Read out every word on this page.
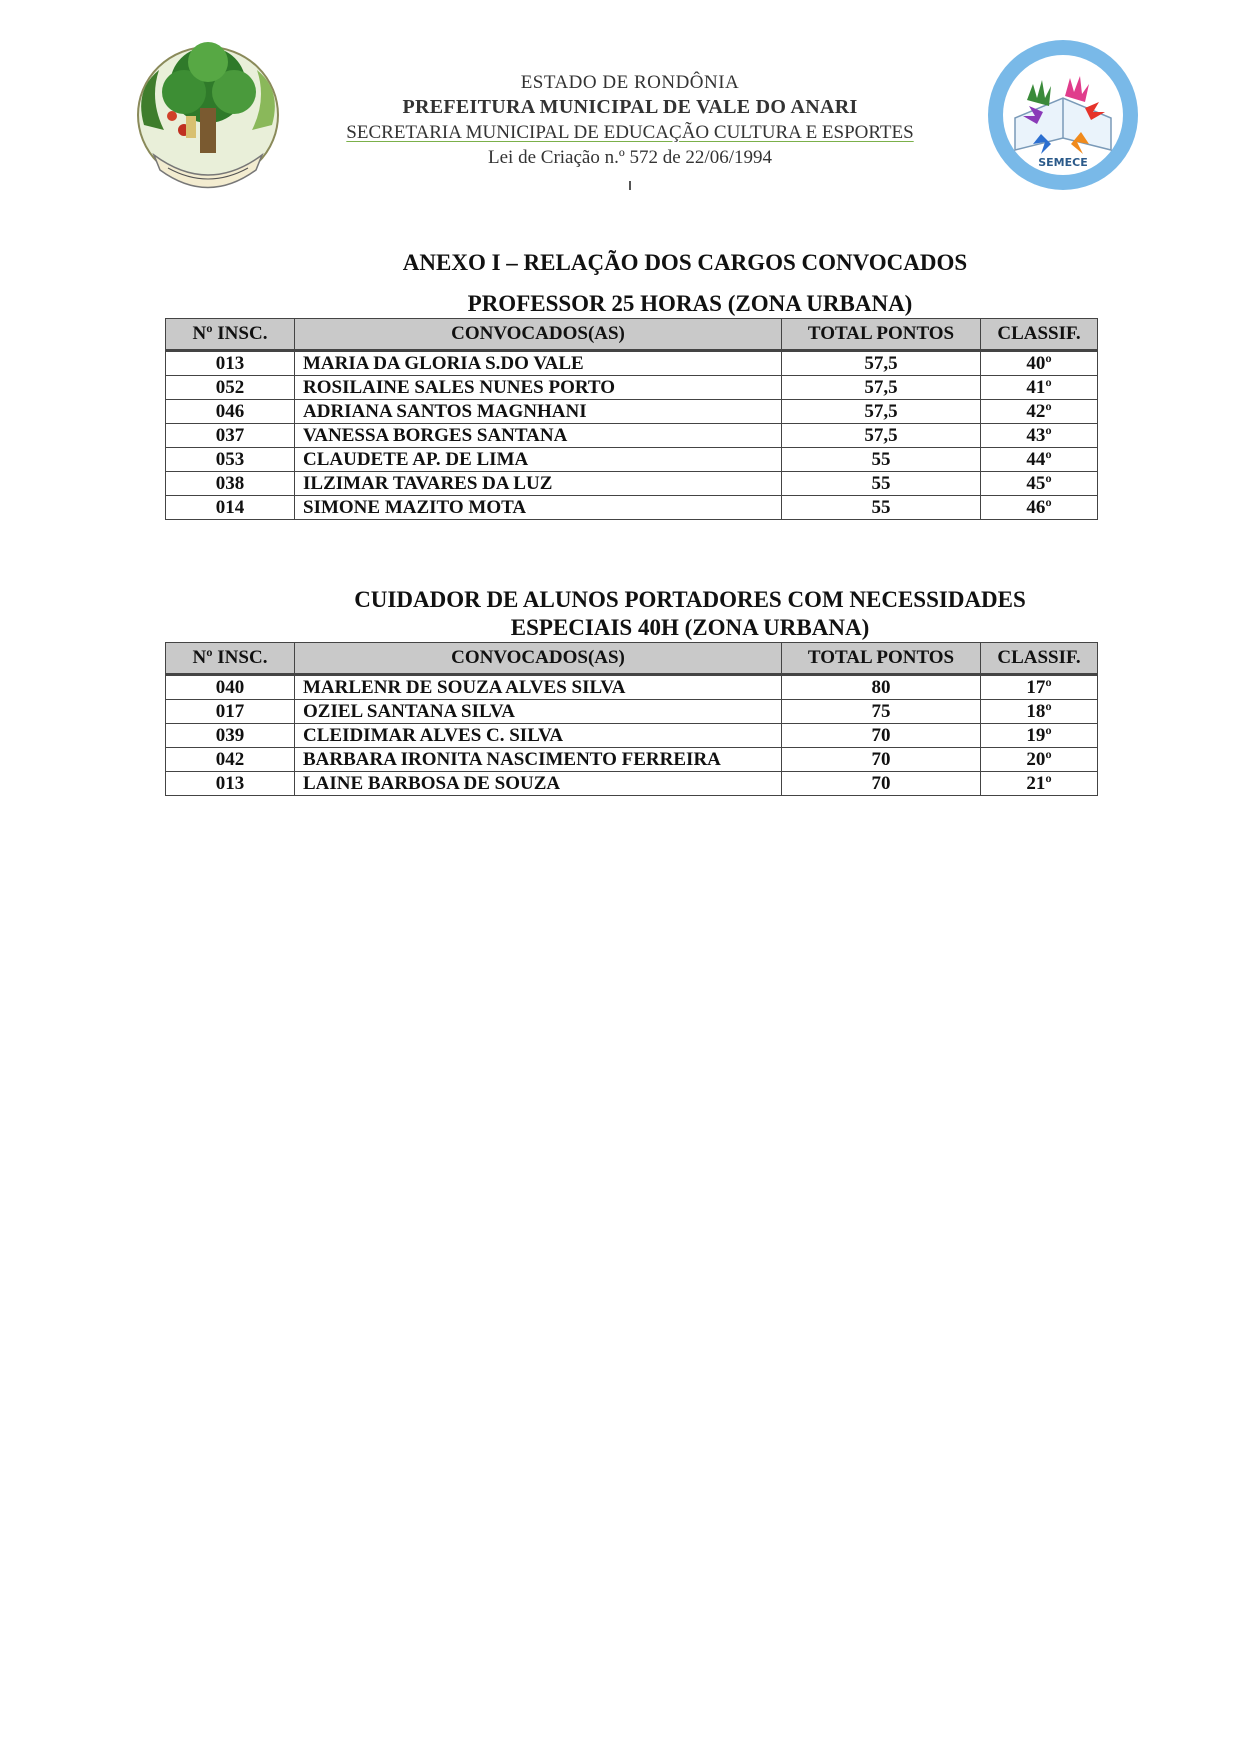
ESTADO DE RONDÔNIA
PREFEITURA MUNICIPAL DE VALE DO ANARI
SECRETARIA MUNICIPAL DE EDUCAÇÃO CULTURA E ESPORTES
Lei de Criação n.º 572 de 22/06/1994	SEMECE
ANEXO I – RELAÇÃO DOS CARGOS CONVOCADOS
PROFESSOR 25 HORAS (ZONA URBANA)
Nº INSC.	CONVOCADOS(AS)	TOTAL PONTOS	CLASSIF.
013	MARIA DA GLORIA S.DO VALE	57,5	40º
052	ROSILAINE SALES NUNES PORTO	57,5	41º
046	ADRIANA SANTOS MAGNHANI	57,5	42º
037	VANESSA BORGES SANTANA	57,5	43º
053	CLAUDETE AP. DE LIMA	55	44º
038	ILZIMAR TAVARES DA LUZ	55	45º
014	SIMONE MAZITO MOTA	55	46º
CUIDADOR DE ALUNOS PORTADORES COM NECESSIDADES
ESPECIAIS 40H (ZONA URBANA)
Nº INSC.	CONVOCADOS(AS)	TOTAL PONTOS	CLASSIF.
040	MARLENR DE SOUZA ALVES SILVA	80	17º
017	OZIEL SANTANA SILVA	75	18º
039	CLEIDIMAR ALVES C. SILVA	70	19º
042	BARBARA IRONITA NASCIMENTO FERREIRA	70	20º
013	LAINE BARBOSA DE SOUZA	70	21º
